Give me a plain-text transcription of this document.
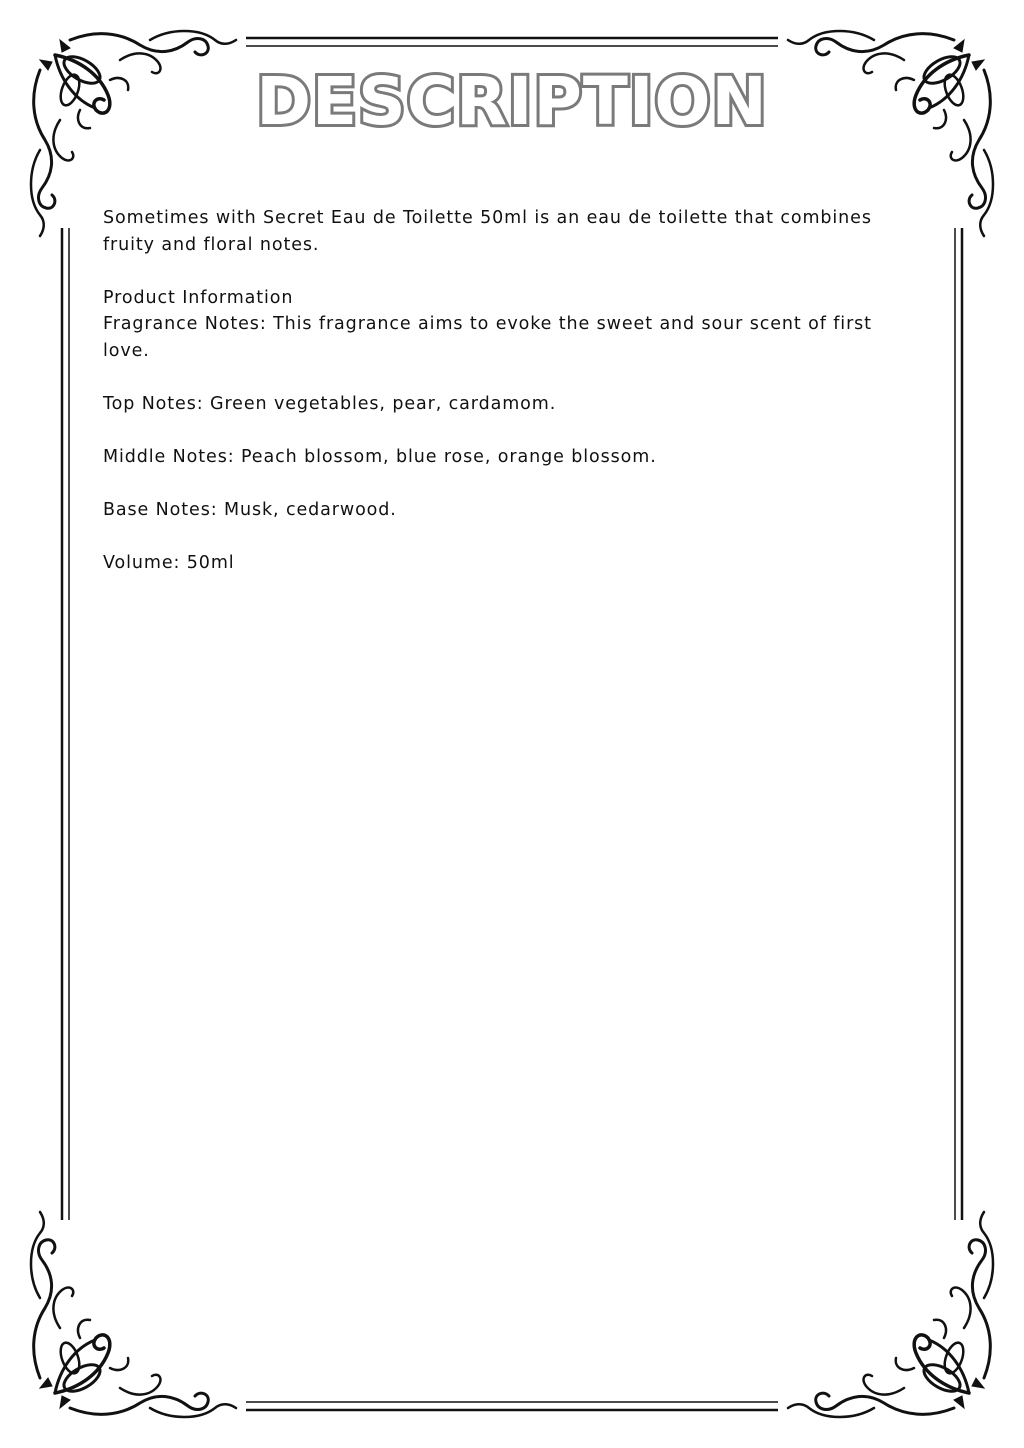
DESCRIPTION

Sometimes with Secret Eau de Toilette 50ml is an eau de toilette that combines fruity and floral notes.

Product Information

Fragrance Notes: This fragrance aims to evoke the sweet and sour scent of first love.

Top Notes: Green vegetables, pear, cardamom.

Middle Notes: Peach blossom, blue rose, orange blossom.

Base Notes: Musk, cedarwood.

Volume: 50ml
